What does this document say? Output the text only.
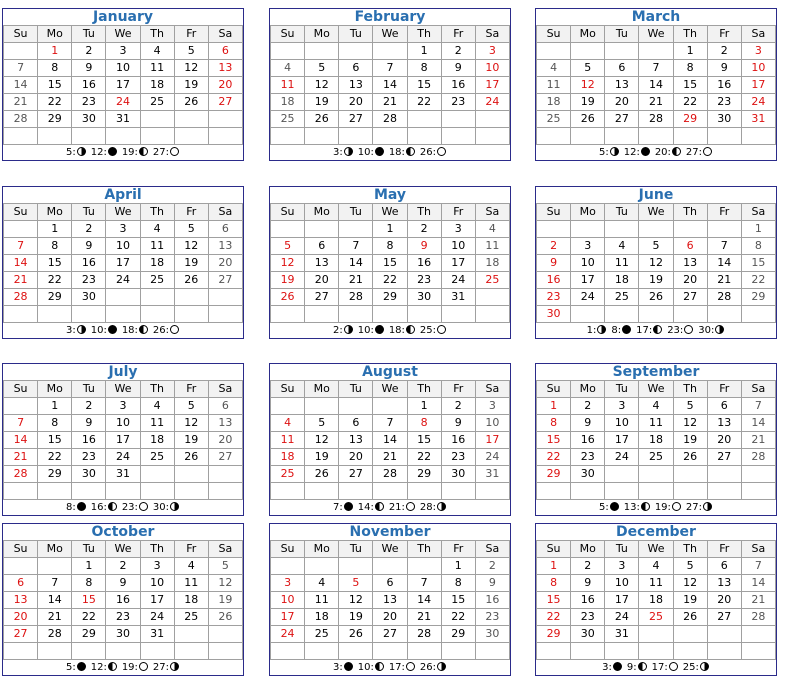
January
Su	Mo	Tu	We	Th	Fr	Sa
	1	2	3	4	5	6
7	8	9	10	11	12	13
14	15	16	17	18	19	20
21	22	23	24	25	26	27
28	29	30	31			

5: 12: 19: 27:
February
Su	Mo	Tu	We	Th	Fr	Sa
				1	2	3
4	5	6	7	8	9	10
11	12	13	14	15	16	17
18	19	20	21	22	23	24
25	26	27	28			

3: 10: 18: 26:
March
Su	Mo	Tu	We	Th	Fr	Sa
				1	2	3
4	5	6	7	8	9	10
11	12	13	14	15	16	17
18	19	20	21	22	23	24
25	26	27	28	29	30	31

5: 12: 20: 27:
April
Su	Mo	Tu	We	Th	Fr	Sa
	1	2	3	4	5	6
7	8	9	10	11	12	13
14	15	16	17	18	19	20
21	22	23	24	25	26	27
28	29	30				

3: 10: 18: 26:
May
Su	Mo	Tu	We	Th	Fr	Sa
			1	2	3	4
5	6	7	8	9	10	11
12	13	14	15	16	17	18
19	20	21	22	23	24	25
26	27	28	29	30	31	

2: 10: 18: 25:
June
Su	Mo	Tu	We	Th	Fr	Sa
						1
2	3	4	5	6	7	8
9	10	11	12	13	14	15
16	17	18	19	20	21	22
23	24	25	26	27	28	29
30						
1: 8: 17: 23: 30:
July
Su	Mo	Tu	We	Th	Fr	Sa
	1	2	3	4	5	6
7	8	9	10	11	12	13
14	15	16	17	18	19	20
21	22	23	24	25	26	27
28	29	30	31			

8: 16: 23: 30:
August
Su	Mo	Tu	We	Th	Fr	Sa
				1	2	3
4	5	6	7	8	9	10
11	12	13	14	15	16	17
18	19	20	21	22	23	24
25	26	27	28	29	30	31

7: 14: 21: 28:
September
Su	Mo	Tu	We	Th	Fr	Sa
1	2	3	4	5	6	7
8	9	10	11	12	13	14
15	16	17	18	19	20	21
22	23	24	25	26	27	28
29	30					

5: 13: 19: 27:
October
Su	Mo	Tu	We	Th	Fr	Sa
		1	2	3	4	5
6	7	8	9	10	11	12
13	14	15	16	17	18	19
20	21	22	23	24	25	26
27	28	29	30	31		

5: 12: 19: 27:
November
Su	Mo	Tu	We	Th	Fr	Sa
					1	2
3	4	5	6	7	8	9
10	11	12	13	14	15	16
17	18	19	20	21	22	23
24	25	26	27	28	29	30

3: 10: 17: 26:
December
Su	Mo	Tu	We	Th	Fr	Sa
1	2	3	4	5	6	7
8	9	10	11	12	13	14
15	16	17	18	19	20	21
22	23	24	25	26	27	28
29	30	31				

3: 9: 17: 25:
